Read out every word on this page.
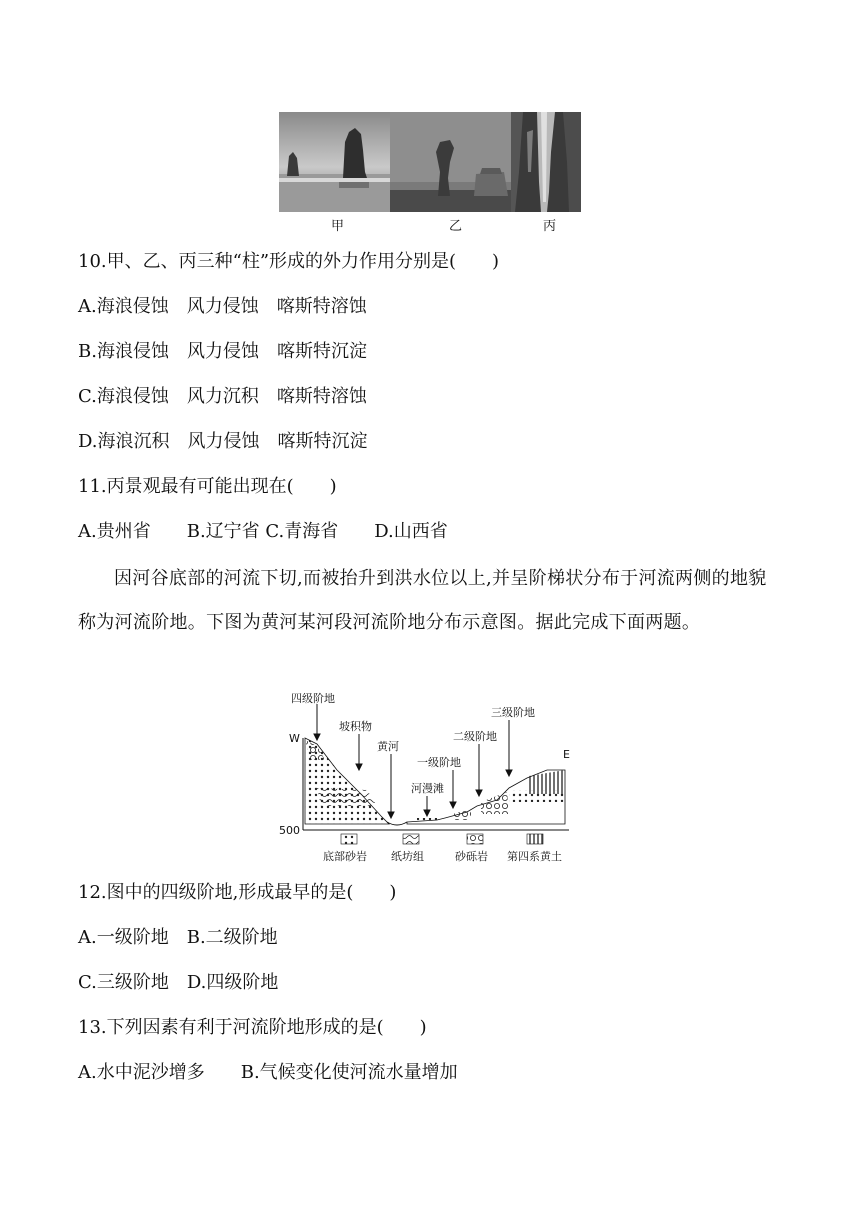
甲	乙	丙
10.甲、乙、丙三种“柱”形成的外力作用分别是(　　)
A.海浪侵蚀　风力侵蚀　喀斯特溶蚀
B.海浪侵蚀　风力侵蚀　喀斯特沉淀
C.海浪侵蚀　风力沉积　喀斯特溶蚀
D.海浪沉积　风力侵蚀　喀斯特沉淀
11.丙景观最有可能出现在(　　)
A.贵州省　　B.辽宁省 C.青海省　　D.山西省
因河谷底部的河流下切,而被抬升到洪水位以上,并呈阶梯状分布于河流两侧的地貌称为河流阶地。下图为黄河某河段河流阶地分布示意图。据此完成下面两题。
四级阶地
坡积物
黄河
河漫滩
一级阶地
二级阶地
三级阶地
W
E
500
底部砂岩 纸坊组	砂砾岩 第四系黄土
12.图中的四级阶地,形成最早的是(　　)
A.一级阶地　B.二级阶地
C.三级阶地　D.四级阶地
13.下列因素有利于河流阶地形成的是(　　)
A.水中泥沙增多　　B.气候变化使河流水量增加
